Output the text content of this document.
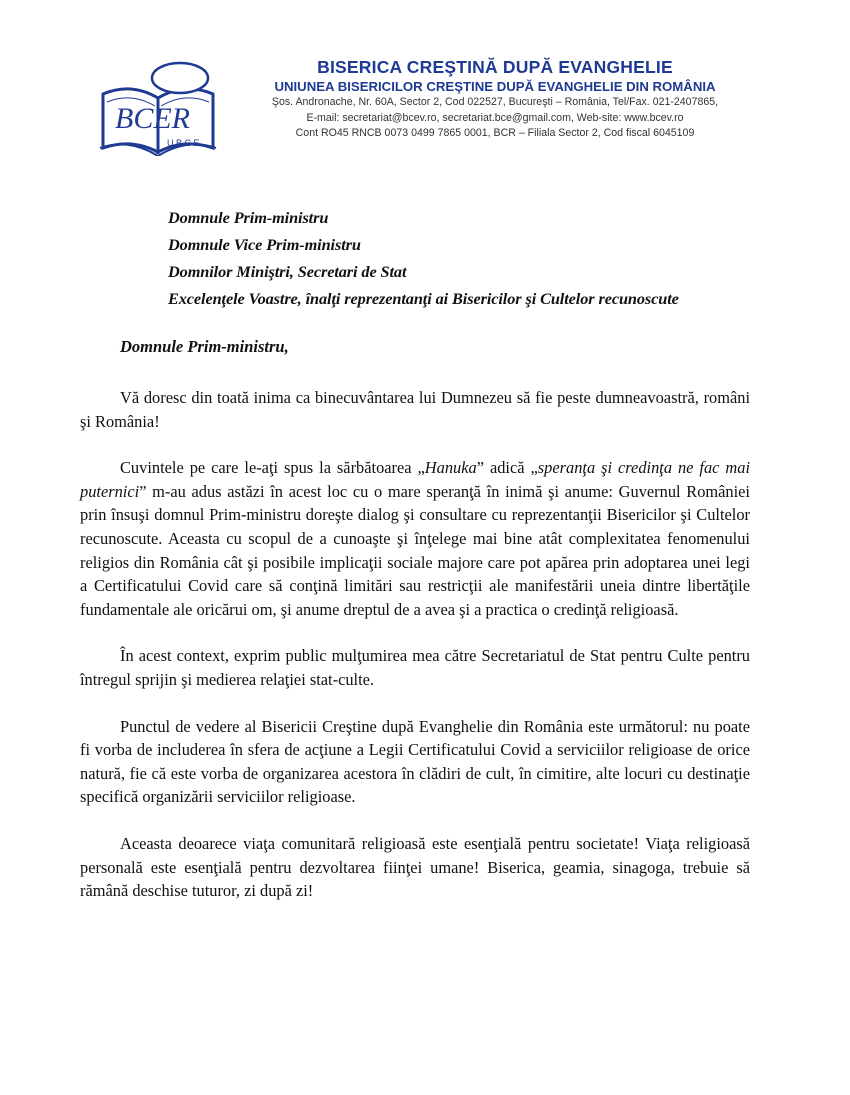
BCER
U B C E
BISERICA CREŞTINĂ DUPĂ EVANGHELIE
UNIUNEA BISERICILOR CREŞTINE DUPĂ EVANGHELIE DIN ROMÂNIA
Şos. Andronache, Nr. 60A, Sector 2, Cod 022527, Bucureşti – România, Tel/Fax. 021-2407865,
E-mail: secretariat@bcev.ro, secretariat.bce@gmail.com, Web-site: www.bcev.ro
Cont RO45 RNCB 0073 0499 7865 0001, BCR – Filiala Sector 2, Cod fiscal 6045109
Domnule Prim-ministru
Domnule Vice Prim-ministru
Domnilor Miniştri, Secretari de Stat
Excelenţele Voastre, înalţi reprezentanţi ai Bisericilor şi Cultelor recunoscute
Domnule Prim-ministru,

Vă doresc din toată inima ca binecuvântarea lui Dumnezeu să fie peste dumneavoastră, români şi România!

Cuvintele pe care le-aţi spus la sărbătoarea „Hanuka” adică „speranţa şi credinţa ne fac mai puternici” m-au adus astăzi în acest loc cu o mare speranţă în inimă şi anume: Guvernul României prin însuşi domnul Prim-ministru doreşte dialog şi consultare cu reprezentanţii Bisericilor şi Cultelor recunoscute. Aceasta cu scopul de a cunoaşte şi înţelege mai bine atât complexitatea fenomenului religios din România cât şi posibile implicaţii sociale majore care pot apărea prin adoptarea unei legi a Certificatului Covid care să conţină limitări sau restricţii ale manifestării uneia dintre libertăţile fundamentale ale oricărui om, şi anume dreptul de a avea şi a practica o credinţă religioasă.

În acest context, exprim public mulţumirea mea către Secretariatul de Stat pentru Culte pentru întregul sprijin şi medierea relaţiei stat-culte.

Punctul de vedere al Bisericii Creştine după Evanghelie din România este următorul: nu poate fi vorba de includerea în sfera de acţiune a Legii Certificatului Covid a serviciilor religioase de orice natură, fie că este vorba de organizarea acestora în clădiri de cult, în cimitire, alte locuri cu destinaţie specifică organizării serviciilor religioase.

Aceasta deoarece viaţa comunitară religioasă este esenţială pentru societate! Viaţa religioasă personală este esenţială pentru dezvoltarea fiinţei umane! Biserica, geamia, sinagoga, trebuie să rămână deschise tuturor, zi după zi!
